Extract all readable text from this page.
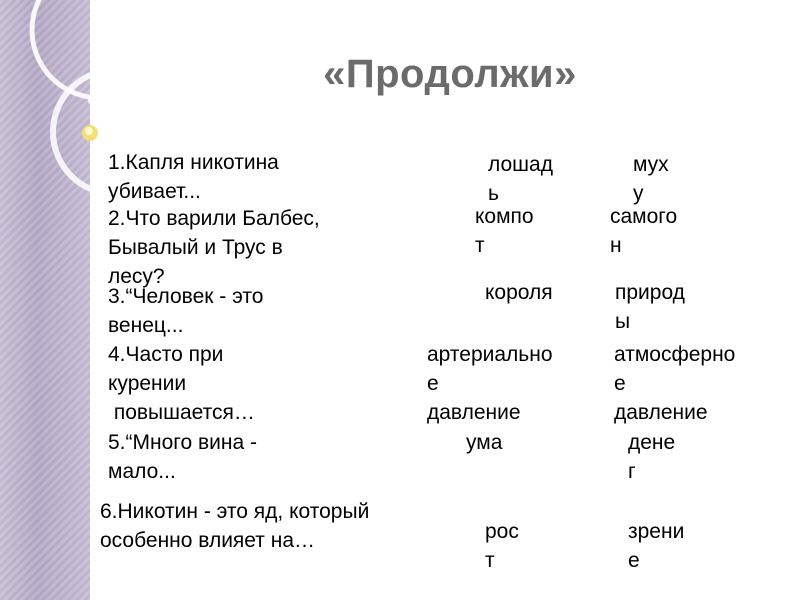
«Продолжи»
1.Капля никотина
убивает...
2.Что варили Балбес,
Бывалый и Трус в
лесу?
3.“Человек - это
венец...
4.Часто при
курении
повышается…
5.“Много вина -
мало...
6.Никотин - это яд, который
особенно влияет на…
лошад
ь
мух
у
компо
т
самого
н
короля	природ
ы
артериально
е
давление
атмосферно
е
давление
ума	дене
г
рос
т
зрени
е
